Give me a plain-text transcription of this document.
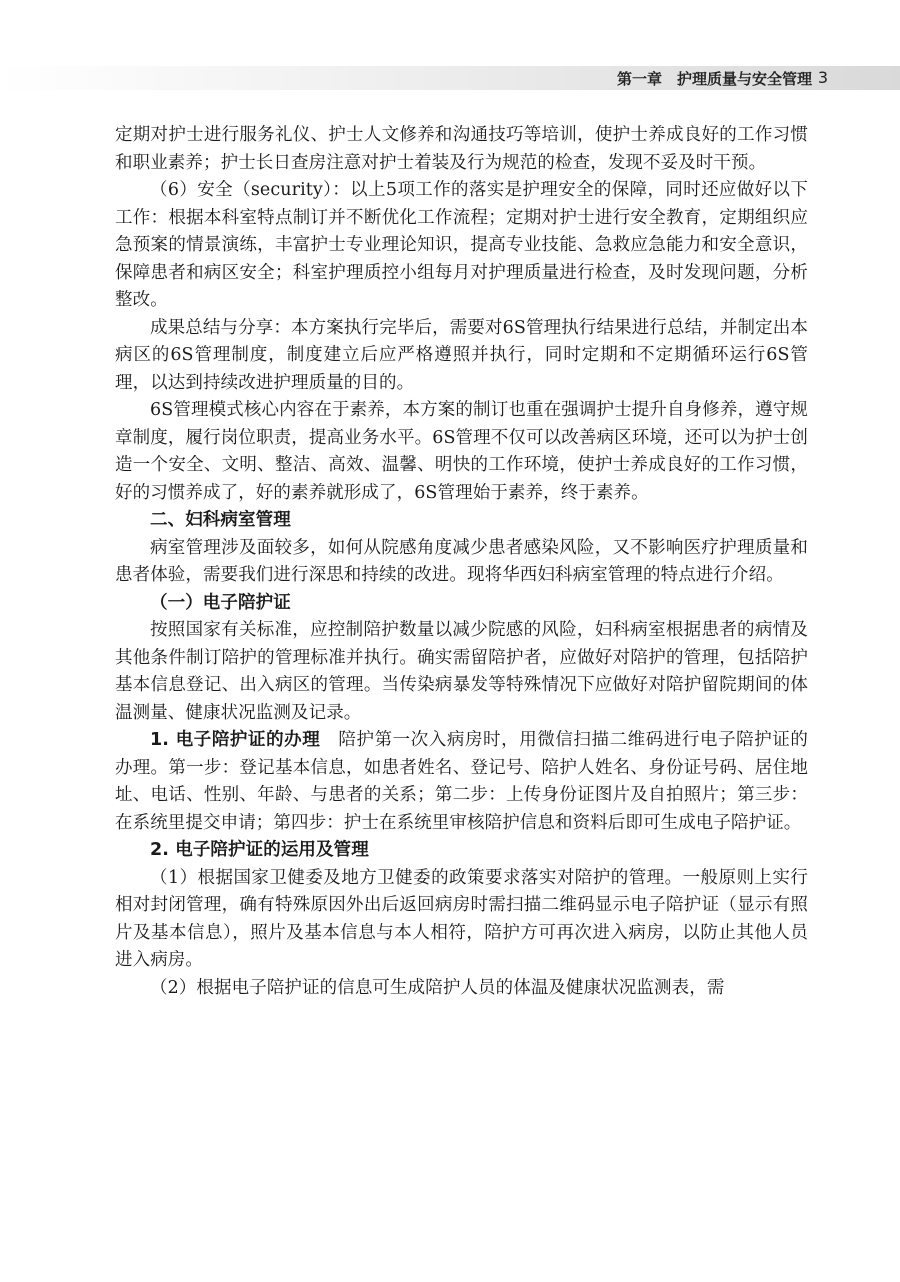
第一章　护理质量与安全管理 3

定期对护士进行服务礼仪、护士人文修养和沟通技巧等培训，使护士养成良好的工作习惯和职业素养；护士长日查房注意对护士着装及行为规范的检查，发现不妥及时干预。

（6）安全（security）：以上5项工作的落实是护理安全的保障，同时还应做好以下工作：根据本科室特点制订并不断优化工作流程；定期对护士进行安全教育，定期组织应急预案的情景演练，丰富护士专业理论知识，提高专业技能、急救应急能力和安全意识，保障患者和病区安全；科室护理质控小组每月对护理质量进行检查，及时发现问题，分析整改。

成果总结与分享：本方案执行完毕后，需要对6S管理执行结果进行总结，并制定出本病区的6S管理制度，制度建立后应严格遵照并执行，同时定期和不定期循环运行6S管理，以达到持续改进护理质量的目的。

6S管理模式核心内容在于素养，本方案的制订也重在强调护士提升自身修养，遵守规章制度，履行岗位职责，提高业务水平。6S管理不仅可以改善病区环境，还可以为护士创造一个安全、文明、整洁、高效、温馨、明快的工作环境，使护士养成良好的工作习惯，好的习惯养成了，好的素养就形成了，6S管理始于素养，终于素养。

二、妇科病室管理

病室管理涉及面较多，如何从院感角度减少患者感染风险，又不影响医疗护理质量和患者体验，需要我们进行深思和持续的改进。现将华西妇科病室管理的特点进行介绍。

（一）电子陪护证

按照国家有关标准，应控制陪护数量以减少院感的风险，妇科病室根据患者的病情及其他条件制订陪护的管理标准并执行。确实需留陪护者，应做好对陪护的管理，包括陪护基本信息登记、出入病区的管理。当传染病暴发等特殊情况下应做好对陪护留院期间的体温测量、健康状况监测及记录。

1. 电子陪护证的办理　陪护第一次入病房时，用微信扫描二维码进行电子陪护证的办理。第一步：登记基本信息，如患者姓名、登记号、陪护人姓名、身份证号码、居住地址、电话、性别、年龄、与患者的关系；第二步：上传身份证图片及自拍照片；第三步：在系统里提交申请；第四步：护士在系统里审核陪护信息和资料后即可生成电子陪护证。

2. 电子陪护证的运用及管理

（1）根据国家卫健委及地方卫健委的政策要求落实对陪护的管理。一般原则上实行相对封闭管理，确有特殊原因外出后返回病房时需扫描二维码显示电子陪护证（显示有照片及基本信息），照片及基本信息与本人相符，陪护方可再次进入病房，以防止其他人员进入病房。

（2）根据电子陪护证的信息可生成陪护人员的体温及健康状况监测表，需
